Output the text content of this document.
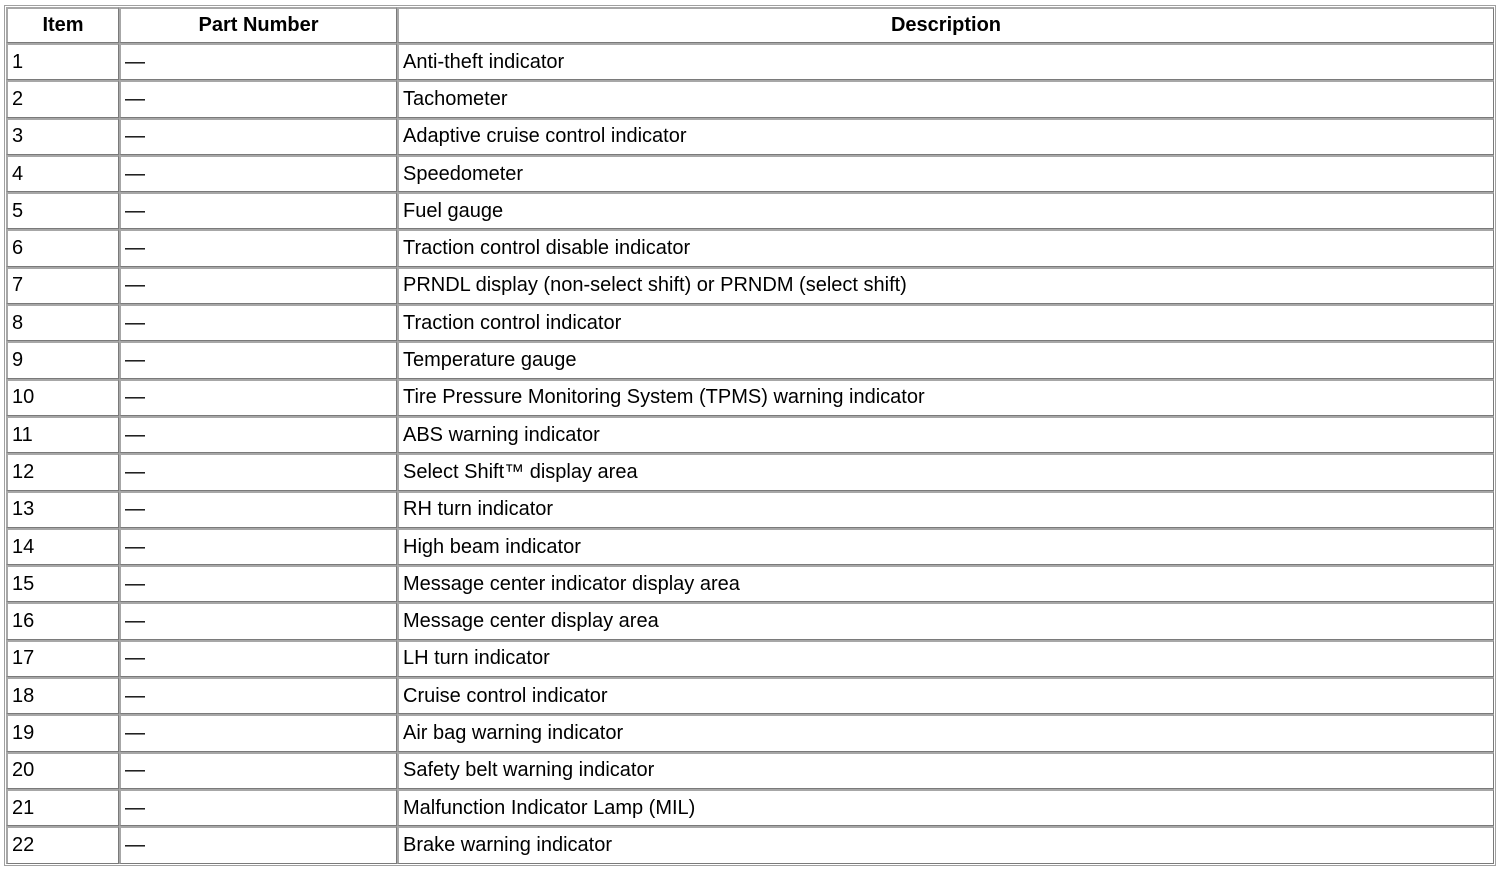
Item	Part Number	Description
1	—	Anti-theft indicator
2	—	Tachometer
3	—	Adaptive cruise control indicator
4	—	Speedometer
5	—	Fuel gauge
6	—	Traction control disable indicator
7	—	PRNDL display (non-select shift) or PRNDM (select shift)
8	—	Traction control indicator
9	—	Temperature gauge
10	—	Tire Pressure Monitoring System (TPMS) warning indicator
11	—	ABS warning indicator
12	—	Select Shift™ display area
13	—	RH turn indicator
14	—	High beam indicator
15	—	Message center indicator display area
16	—	Message center display area
17	—	LH turn indicator
18	—	Cruise control indicator
19	—	Air bag warning indicator
20	—	Safety belt warning indicator
21	—	Malfunction Indicator Lamp (MIL)
22	—	Brake warning indicator
